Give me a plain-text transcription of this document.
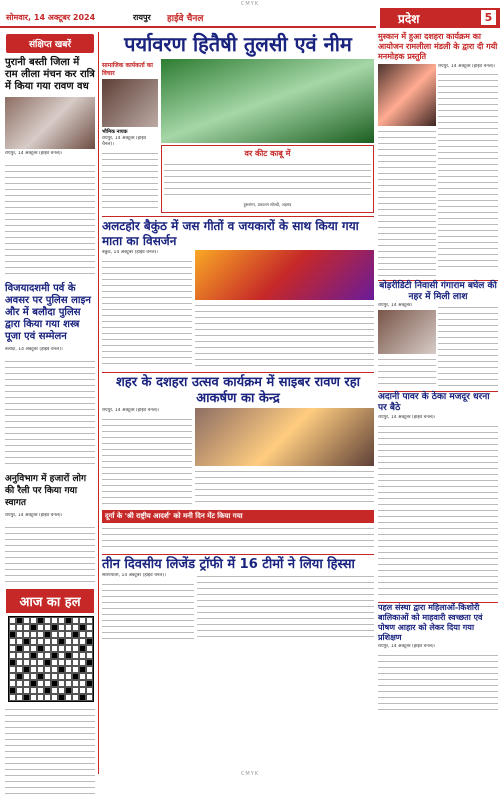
CMYK
सोमवार, 14 अक्टूबर 2024	रायपुर हाईवे चैनल	प्रदेश	5
संक्षिप्त खबरें
पुरानी बस्ती जिला में राम लीला मंचन कर रात्रि में किया गया रावण वध
रायपुर, 14 अक्टूबर (हाईवे चैनल)।
विजयादशमी पर्व के अवसर पर पुलिस लाइन और में बलौदा पुलिस द्वारा किया गया शस्त्र पूजा एवं सम्मेलन
बलौदा, 14 अक्टूबर (हाईवे चैनल)।
अनुविभाग में हजारों लोग की रैली पर किया गया स्वागत
रायपुर, 14 अक्टूबर (हाईवे चैनल)।
आज का हल
पर्यावरण हितैषी तुलसी एवं नीम
सामाजिक कार्यकर्ता का विचार
भौमिक नायक
रायपुर, 14 अक्टूबर (हाईवे चैनल)।
वर कीट काबू में
हुसरांगर, प्रकाशन सोल्डी, अहमद
अलटहोर बैकुंठ में जस गीतों व जयकारों के साथ किया गया माता का विसर्जन
बैकुंठ, 14 अक्टूबर (हाईवे चैनल)।
शहर के दशहरा उत्सव कार्यक्रम में साइबर रावण रहा आकर्षण का केन्द्र
रायपुर, 14 अक्टूबर (हाईवे चैनल)।
दूर्गा के 'श्री राष्ट्रीय आदर्श' को मनी दिन मेंट किया गया
तीन दिवसीय लिजेंड ट्रॉफी में 16 टीमों ने लिया हिस्सा
सरायपाली, 14 अक्टूबर (हाईवे चैनल)।
मुस्कान में हुआ दशहरा कार्यक्रम का आयोजन रामलीला मंडली के द्वारा दी गयी मनमोहक प्रस्तुति
रायपुर, 14 अक्टूबर (हाईवे चैनल)।
बोड़रीडिटी निवासी गंगाराम बघेल की नहर में मिली लाश
रायपुर, 14 अक्टूबर।
अदानी पावर के ठेका मजदूर धरना पर बैठे
रायपुर, 14 अक्टूबर (हाईवे चैनल)।
पहल संस्था द्वारा महिलाओं-किशोरी बालिकाओं को माहवारी स्वच्छता एवं पोषण आहार को लेकर दिया गया प्रशिक्षण
रायपुर, 14 अक्टूबर (हाईवे चैनल)।
CMYK
